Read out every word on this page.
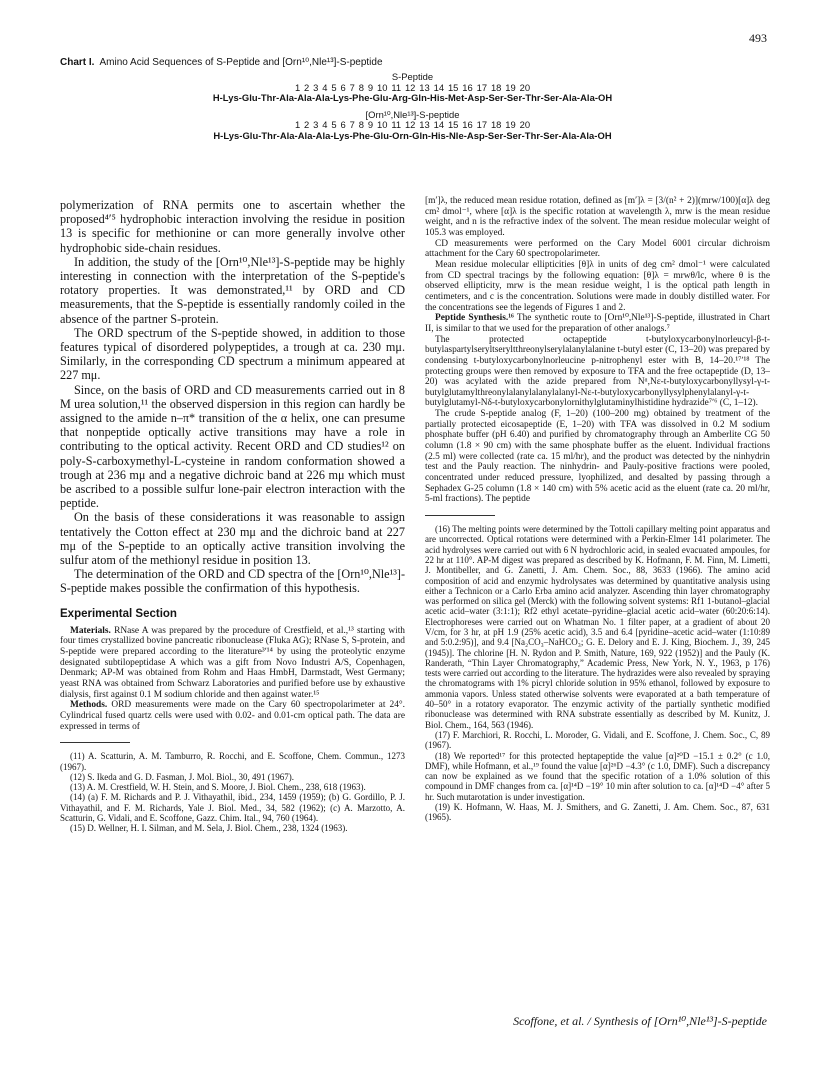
493

Chart I. Amino Acid Sequences of S-Peptide and [Orn¹⁰,Nle¹³]-S-peptide

S-Peptide
1 2 3 4 5 6 7 8 9 10 11 12 13 14 15 16 17 18 19 20
H-Lys-Glu-Thr-Ala-Ala-Ala-Lys-Phe-Glu-Arg-Gln-His-Met-Asp-Ser-Ser-Thr-Ser-Ala-Ala-OH

[Orn¹⁰,Nle¹³]-S-peptide
1 2 3 4 5 6 7 8 9 10 11 12 13 14 15 16 17 18 19 20
H-Lys-Glu-Thr-Ala-Ala-Ala-Lys-Phe-Glu-Orn-Gln-His-Nle-Asp-Ser-Ser-Thr-Ser-Ala-Ala-OH

polymerization of RNA permits one to ascertain whether the proposed⁴ʹ⁵ hydrophobic interaction involving the residue in position 13 is specific for methionine or can more generally involve other hydrophobic side-chain residues.

In addition, the study of the [Orn¹⁰,Nle¹³]-S-peptide may be highly interesting in connection with the interpretation of the S-peptide's rotatory properties. It was demonstrated,¹¹ by ORD and CD measurements, that the S-peptide is essentially randomly coiled in the absence of the partner S-protein.

The ORD spectrum of the S-peptide showed, in addition to those features typical of disordered polypeptides, a trough at ca. 230 mμ. Similarly, in the corresponding CD spectrum a minimum appeared at 227 mμ.

Since, on the basis of ORD and CD measurements carried out in 8 M urea solution,¹¹ the observed dispersion in this region can hardly be assigned to the amide n–π* transition of the α helix, one can presume that nonpeptide optically active transitions may have a role in contributing to the optical activity. Recent ORD and CD studies¹² on poly-S-carboxymethyl-L-cysteine in random conformation showed a trough at 236 mμ and a negative dichroic band at 226 mμ which must be ascribed to a possible sulfur lone-pair electron interaction with the peptide.

On the basis of these considerations it was reasonable to assign tentatively the Cotton effect at 230 mμ and the dichroic band at 227 mμ of the S-peptide to an optically active transition involving the sulfur atom of the methionyl residue in position 13.

The determination of the ORD and CD spectra of the [Orn¹⁰,Nle¹³]-S-peptide makes possible the confirmation of this hypothesis.

Experimental Section

Materials. RNase A was prepared by the procedure of Crestfield, et al.,¹³ starting with four times crystallized bovine pancreatic ribonuclease (Fluka AG); RNase S, S-protein, and S-peptide were prepared according to the literature³ʹ¹⁴ by using the proteolytic enzyme designated subtilopeptidase A which was a gift from Novo Industri A/S, Copenhagen, Denmark; AP-M was obtained from Rohm and Haas HmbH, Darmstadt, West Germany; yeast RNA was obtained from Schwarz Laboratories and purified before use by exhaustive dialysis, first against 0.1 M sodium chloride and then against water.¹⁵

Methods. ORD measurements were made on the Cary 60 spectropolarimeter at 24°. Cylindrical fused quartz cells were used with 0.02- and 0.01-cm optical path. The data are expressed in terms of

(11) A. Scatturin, A. M. Tamburro, R. Rocchi, and E. Scoffone, Chem. Commun., 1273 (1967).

(12) S. Ikeda and G. D. Fasman, J. Mol. Biol., 30, 491 (1967).

(13) A. M. Crestfield, W. H. Stein, and S. Moore, J. Biol. Chem., 238, 618 (1963).

(14) (a) F. M. Richards and P. J. Vithayathil, ibid., 234, 1459 (1959); (b) G. Gordillo, P. J. Vithayathil, and F. M. Richards, Yale J. Biol. Med., 34, 582 (1962); (c) A. Marzotto, A. Scatturin, G. Vidali, and E. Scoffone, Gazz. Chim. Ital., 94, 760 (1964).

(15) D. Wellner, H. I. Silman, and M. Sela, J. Biol. Chem., 238, 1324 (1963).

[m′]λ, the reduced mean residue rotation, defined as [m′]λ = [3/(n² + 2)](mrw/100)[α]λ deg cm² dmol⁻¹, where [α]λ is the specific rotation at wavelength λ, mrw is the mean residue weight, and n is the refractive index of the solvent. The mean residue molecular weight of 105.3 was employed.

CD measurements were performed on the Cary Model 6001 circular dichroism attachment for the Cary 60 spectropolarimeter.

Mean residue molecular ellipticities [θ]λ in units of deg cm² dmol⁻¹ were calculated from CD spectral tracings by the following equation: [θ]λ = mrwθ/lc, where θ is the observed ellipticity, mrw is the mean residue weight, l is the optical path length in centimeters, and c is the concentration. Solutions were made in doubly distilled water. For the concentrations see the legends of Figures 1 and 2.

Peptide Synthesis.¹⁶ The synthetic route to [Orn¹⁰,Nle¹³]-S-peptide, illustrated in Chart II, is similar to that we used for the preparation of other analogs.⁷

The protected octapeptide t-butyloxycarbonylnorleucyl-β-t-butylaspartylseryltseryltthreonylserylalanylalanine t-butyl ester (C, 13–20) was prepared by condensing t-butyloxycarbonylnorleucine p-nitrophenyl ester with B, 14–20.¹⁷ʹ¹⁸ The protecting groups were then removed by exposure to TFA and the free octapeptide (D, 13–20) was acylated with the azide prepared from Nᵅ,Nε-t-butyloxycarbonyllysyl-γ-t-butylglutamylthreonylalanylalanylalanyl-Nε-t-butyloxycarbonyllysylphenylalanyl-γ-t-butylglutamyl-Nδ-t-butyloxycarbonylornithylglutaminylhistidine hydrazide⁷ʹ⁶ (C, 1–12).

The crude S-peptide analog (F, 1–20) (100–200 mg) obtained by treatment of the partially protected eicosapeptide (E, 1–20) with TFA was dissolved in 0.2 M sodium phosphate buffer (pH 6.40) and purified by chromatography through an Amberlite CG 50 column (1.8 × 90 cm) with the same phosphate buffer as the eluent. Individual fractions (2.5 ml) were collected (rate ca. 15 ml/hr), and the product was detected by the ninhydrin test and the Pauly reaction. The ninhydrin- and Pauly-positive fractions were pooled, concentrated under reduced pressure, lyophilized, and desalted by passing through a Sephadex G-25 column (1.8 × 140 cm) with 5% acetic acid as the eluent (rate ca. 20 ml/hr, 5-ml fractions). The peptide

(16) The melting points were determined by the Tottoli capillary melting point apparatus and are uncorrected. Optical rotations were determined with a Perkin-Elmer 141 polarimeter. The acid hydrolyses were carried out with 6 N hydrochloric acid, in sealed evacuated ampoules, for 22 hr at 110°. AP-M digest was prepared as described by K. Hofmann, F. M. Finn, M. Limetti, J. Montibeller, and G. Zanetti, J. Am. Chem. Soc., 88, 3633 (1966). The amino acid composition of acid and enzymic hydrolysates was determined by quantitative analysis using either a Technicon or a Carlo Erba amino acid analyzer. Ascending thin layer chromatography was performed on silica gel (Merck) with the following solvent systems: Rf1 1-butanol–glacial acetic acid–water (3:1:1); Rf2 ethyl acetate–pyridine–glacial acetic acid–water (60:20:6:14). Electrophoreses were carried out on Whatman No. 1 filter paper, at a gradient of about 20 V/cm, for 3 hr, at pH 1.9 (25% acetic acid), 3.5 and 6.4 [pyridine–acetic acid–water (1:10:89 and 5:0.2:95)], and 9.4 [Na₂CO₃–NaHCO₃; G. E. Delory and E. J. King, Biochem. J., 39, 245 (1945)]. The chlorine [H. N. Rydon and P. Smith, Nature, 169, 922 (1952)] and the Pauly (K. Randerath, “Thin Layer Chromatography,” Academic Press, New York, N. Y., 1963, p 176) tests were carried out according to the literature. The hydrazides were also revealed by spraying the chromatograms with 1% picryl chloride solution in 95% ethanol, followed by exposure to ammonia vapors. Unless stated otherwise solvents were evaporated at a bath temperature of 40–50° in a rotatory evaporator. The enzymic activity of the partially synthetic modified ribonuclease was determined with RNA substrate essentially as described by M. Kunitz, J. Biol. Chem., 164, 563 (1946).

(17) F. Marchiori, R. Rocchi, L. Moroder, G. Vidali, and E. Scoffone, J. Chem. Soc., C, 89 (1967).

(18) We reported¹⁷ for this protected heptapeptide the value [α]²⁰D −15.1 ± 0.2° (c 1.0, DMF), while Hofmann, et al.,¹⁹ found the value [α]²⁶D −4.3° (c 1.0, DMF). Such a discrepancy can now be explained as we found that the specific rotation of a 1.0% solution of this compound in DMF changes from ca. [α]¹⁴D −19° 10 min after solution to ca. [α]¹⁴D −4° after 5 hr. Such mutarotation is under investigation.

(19) K. Hofmann, W. Haas, M. J. Smithers, and G. Zanetti, J. Am. Chem. Soc., 87, 631 (1965).

Scoffone, et al. / Synthesis of [Orn¹⁰,Nle¹³]-S-peptide
